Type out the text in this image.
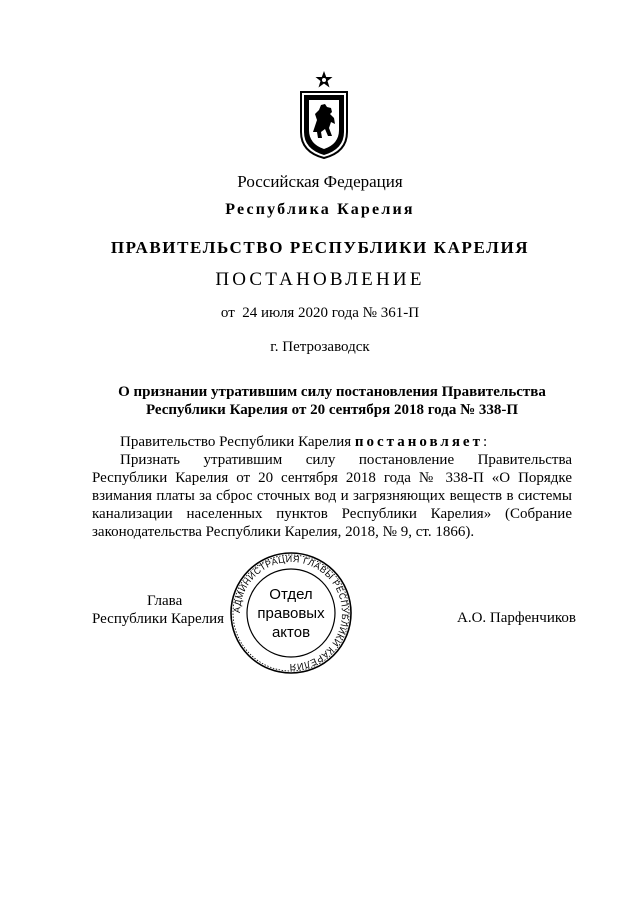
Российская Федерация
Республика Карелия
ПРАВИТЕЛЬСТВО РЕСПУБЛИКИ КАРЕЛИЯ
ПОСТАНОВЛЕНИЕ
от  24 июля 2020 года № 361-П
г. Петрозаводск
О признании утратившим силу постановления Правительства
Республики Карелия от 20 сентября 2018 года № 338-П
Правительство Республики Карелия постановляет:
Признать утратившим силу постановление Правительства
Республики Карелия от 20 сентября 2018 года № 338-П «О Порядке
взимания платы за сброс сточных вод и загрязняющих веществ в системы
канализации населенных пунктов Республики Карелия» (Собрание
законодательства Республики Карелия, 2018, № 9, ст. 1866).
Глава
Республики Карелия	А.О. Парфенчиков
АДМИНИСТРАЦИЯ ГЛАВЫ РЕСПУБЛИКИ КАРЕЛИЯ
Отдел
правовых
актов
